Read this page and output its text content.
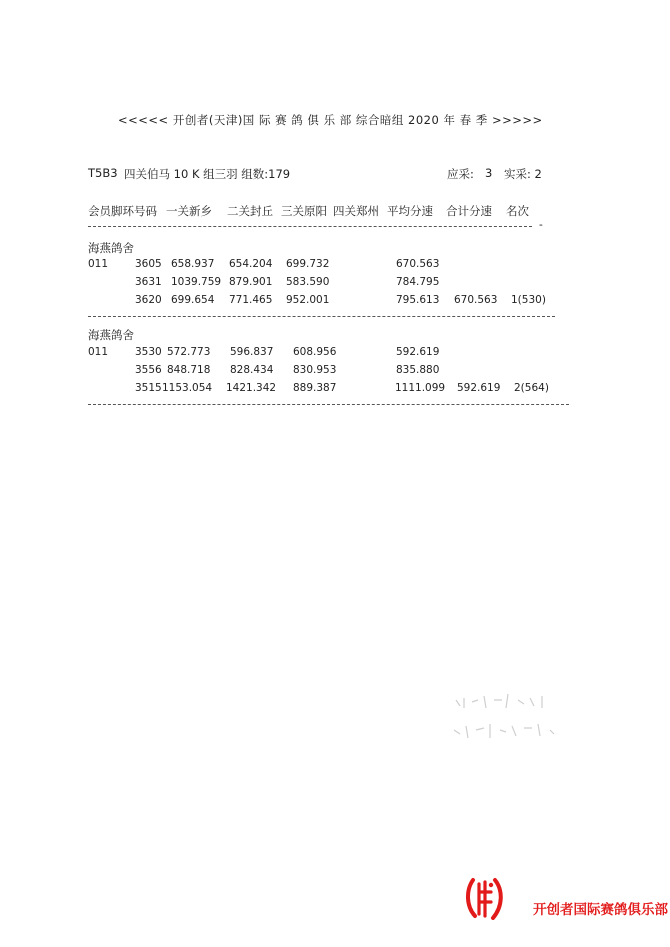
<<<<< 开创者(天津)国 际 赛 鸽 俱 乐 部 综合暗组 2020 年 春 季 >>>>>
T5B3 四关伯马 10 K 组三羽 组数:179	应采: 3 实采: 2
会员脚环号码 一关新乡 二关封丘 三关原阳 四关郑州 平均分速 合计分速 名次
-
海燕鸽舍
011	3605 658.937 654.204 699.732	670.563
3631 1039.759 879.901 583.590	784.795
3620 699.654 771.465 952.001	795.613 670.563 1(530)
海燕鸽舍
011	3530 572.773 596.837 608.956	592.619
3556 848.718 828.434 830.953	835.880
3515 1153.054 1421.342 889.387	1111.099 592.619 2(564)
开创者国际赛鸽俱乐部
